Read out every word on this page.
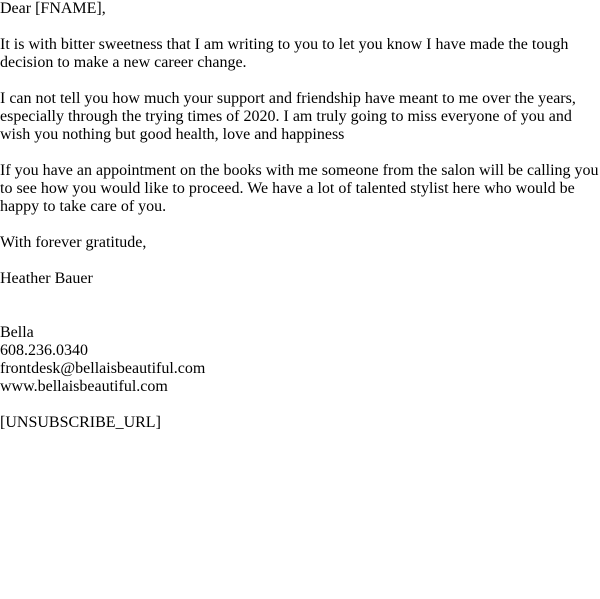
Dear [FNAME],
It is with bitter sweetness that I am writing to you to let you know I have made the tough decision to make a new career change.
I can not tell you how much your support and friendship have meant to me over the years, especially through the trying times of 2020. I am truly going to miss everyone of you and wish you nothing but good health, love and happiness
If you have an appointment on the books with me someone from the salon will be calling you to see how you would like to proceed. We have a lot of talented stylist here who would be happy to take care of you.
With forever gratitude,
Heather Bauer
Bella
608.236.0340
frontdesk@bellaisbeautiful.com
www.bellaisbeautiful.com
[UNSUBSCRIBE_URL]
